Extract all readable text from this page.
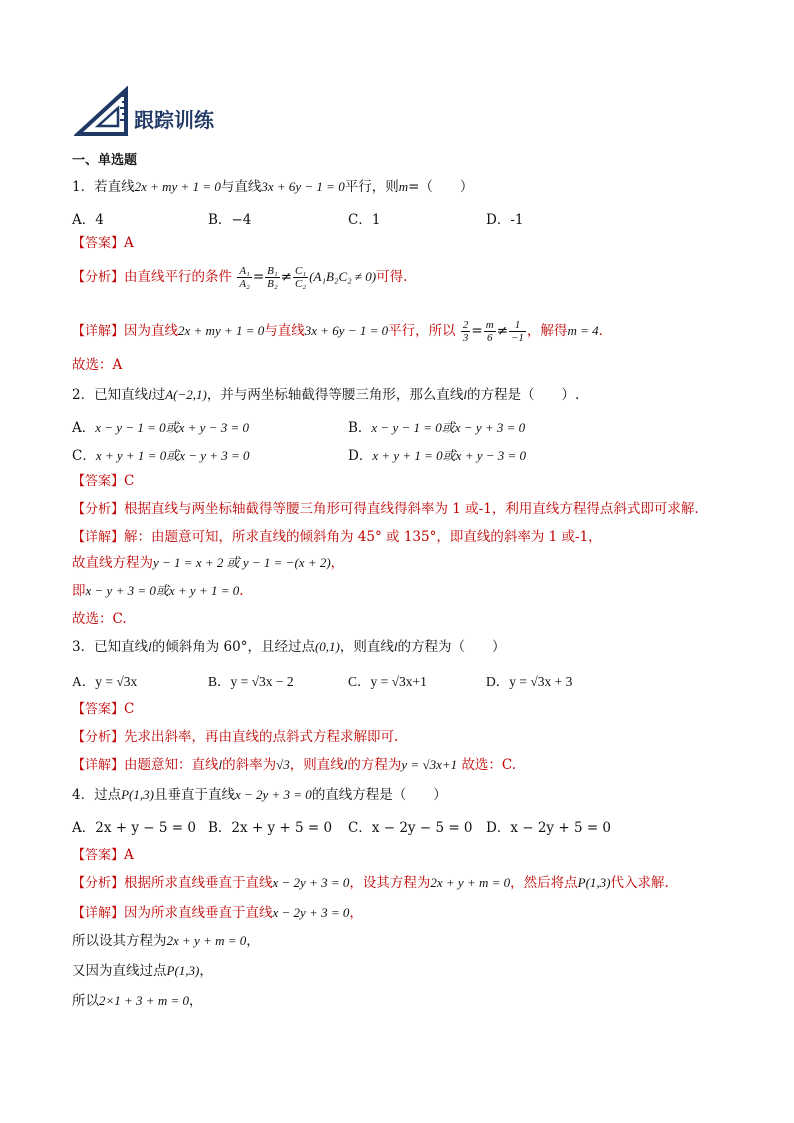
跟踪训练
一、单选题
1．若直线2x + my + 1 = 0与直线3x + 6y − 1 = 0平行，则m=（　　）
A．4	B．−4	C．1	D．-1
【答案】A
【分析】由直线平行的条件 $\frac{\text{A₁}}{\text{A₂}} = \frac{\text{B₁}}{\text{B₂}} \ne \frac{\text{C₁}}{\text{C₂}} (A_1B_2C_2 \ne 0)$可得.
【详解】因为直线2x + my + 1 = 0与直线3x + 6y − 1 = 0平行，所以 $\frac{2}{3} = \frac{m}{6} \ne \frac{1}{-1}$ ，解得m = 4．
故选：A
2．已知直线l过A(−2,1)，并与两坐标轴截得等腰三角形，那么直线l的方程是（　　）.
A．x − y − 1 = 0或x + y − 3 = 0	B．x − y − 1 = 0或x − y + 3 = 0
C．x + y + 1 = 0或x − y + 3 = 0	D．x + y + 1 = 0或x + y − 3 = 0
【答案】C
【分析】根据直线与两坐标轴截得等腰三角形可得直线得斜率为 1 或-1，利用直线方程得点斜式即可求解.
【详解】解：由题意可知，所求直线的倾斜角为 45° 或 135°，即直线的斜率为 1 或-1，
故直线方程为y − 1 = x + 2 或 y − 1 = −(x + 2)，
即x − y + 3 = 0或x + y + 1 = 0.
故选：C.
3．已知直线l的倾斜角为 60°，且经过点(0,1)，则直线l的方程为（　　）
A．y = √3x	B．y = √3x − 2	C．y = √3x+1	D．y = √3x + 3
【答案】C
【分析】先求出斜率，再由直线的点斜式方程求解即可.
【详解】由题意知：直线l的斜率为√3，则直线l的方程为y = √3x+1 故选：C.
4．过点P(1,3)且垂直于直线x − 2y + 3 = 0的直线方程是（　　）
A．2x + y − 5 = 0 B．2x + y + 5 = 0 C．x − 2y − 5 = 0 D．x − 2y + 5 = 0
【答案】A
【分析】根据所求直线垂直于直线x − 2y + 3 = 0，设其方程为2x + y + m = 0，然后将点P(1,3)代入求解.
【详解】因为所求直线垂直于直线x − 2y + 3 = 0，
所以设其方程为2x + y + m = 0，
又因为直线过点P(1,3)，
所以2×1 + 3 + m = 0，
